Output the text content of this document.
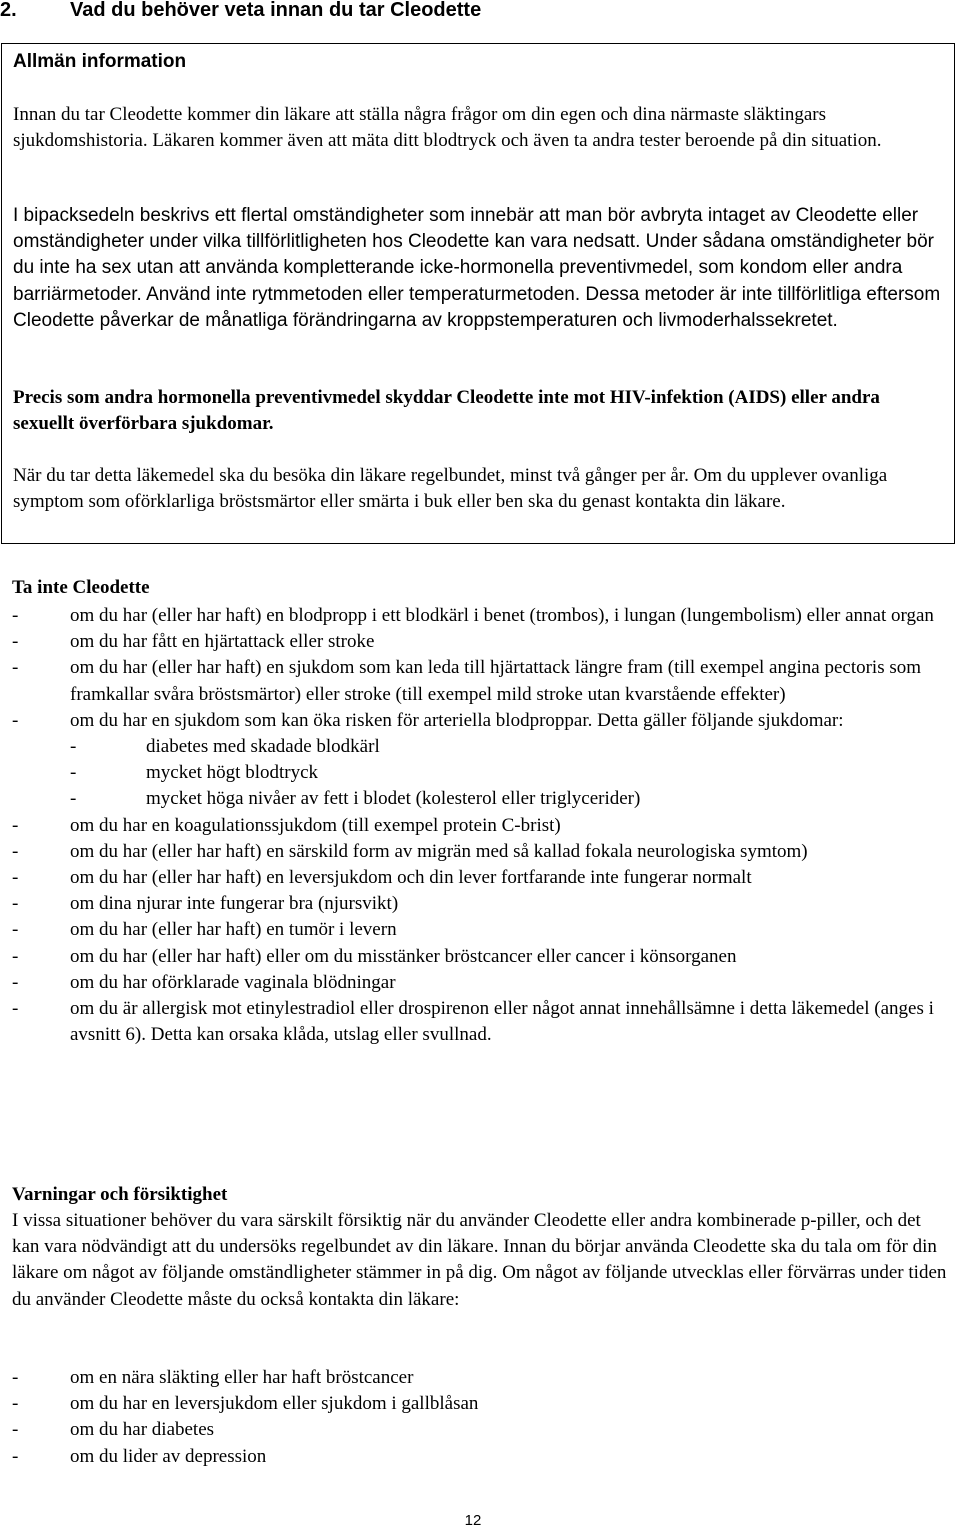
2.	Vad du behöver veta innan du tar Cleodette

Allmän information

Innan du tar Cleodette kommer din läkare att ställa några frågor om din egen och dina närmaste släktingars sjukdomshistoria. Läkaren kommer även att mäta ditt blodtryck och även ta andra tester beroende på din situation.

I bipacksedeln beskrivs ett flertal omständigheter som innebär att man bör avbryta intaget av Cleodette eller omständigheter under vilka tillförlitligheten hos Cleodette kan vara nedsatt. Under sådana omständigheter bör du inte ha sex utan att använda kompletterande icke-hormonella preventivmedel, som kondom eller andra barriärmetoder. Använd inte rytmmetoden eller temperaturmetoden. Dessa metoder är inte tillförlitliga eftersom Cleodette påverkar de månatliga förändringarna av kroppstemperaturen och livmoderhalssekretet.

Precis som andra hormonella preventivmedel skyddar Cleodette inte mot HIV-infektion (AIDS) eller andra sexuellt överförbara sjukdomar.

När du tar detta läkemedel ska du besöka din läkare regelbundet, minst två gånger per år. Om du upplever ovanliga symptom som oförklarliga bröstsmärtor eller smärta i buk eller ben ska du genast kontakta din läkare.

Ta inte Cleodette
- om du har (eller har haft) en blodpropp i ett blodkärl i benet (trombos), i lungan (lungembolism) eller annat organ
- om du har fått en hjärtattack eller stroke
- om du har (eller har haft) en sjukdom som kan leda till hjärtattack längre fram (till exempel angina pectoris som framkallar svåra bröstsmärtor) eller stroke (till exempel mild stroke utan kvarstående effekter)
- om du har en sjukdom som kan öka risken för arteriella blodproppar. Detta gäller följande sjukdomar:
- diabetes med skadade blodkärl
- mycket högt blodtryck
- mycket höga nivåer av fett i blodet (kolesterol eller triglycerider)
- om du har en koagulationssjukdom (till exempel protein C-brist)
- om du har (eller har haft) en särskild form av migrän med så kallad fokala neurologiska symtom)
- om du har (eller har haft) en leversjukdom och din lever fortfarande inte fungerar normalt
- om dina njurar inte fungerar bra (njursvikt)
- om du har (eller har haft) en tumör i levern
- om du har (eller har haft) eller om du misstänker bröstcancer eller cancer i könsorganen
- om du har oförklarade vaginala blödningar
- om du är allergisk mot etinylestradiol eller drospirenon eller något annat innehållsämne i detta läkemedel (anges i avsnitt 6). Detta kan orsaka klåda, utslag eller svullnad.
Varningar och försiktighet

I vissa situationer behöver du vara särskilt försiktig när du använder Cleodette eller andra kombinerade p-piller, och det kan vara nödvändigt att du undersöks regelbundet av din läkare. Innan du börjar använda Cleodette ska du tala om för din läkare om något av följande omständligheter stämmer in på dig. Om något av följande utvecklas eller förvärras under tiden du använder Cleodette måste du också kontakta din läkare:

- om en nära släkting eller har haft bröstcancer
- om du har en leversjukdom eller sjukdom i gallblåsan
- om du har diabetes
- om du lider av depression
12
